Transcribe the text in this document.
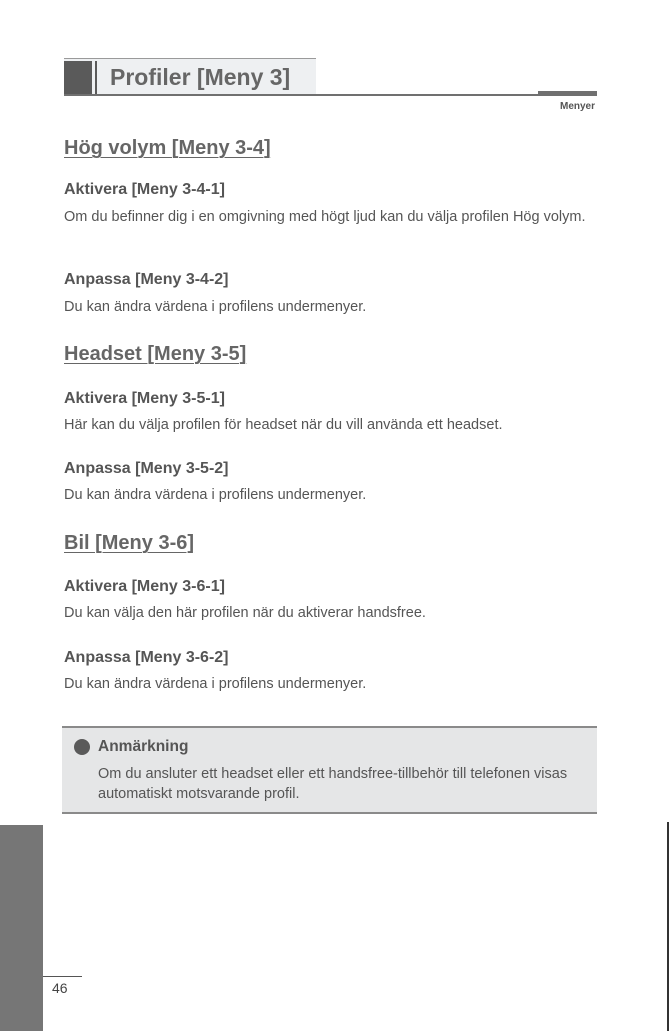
Profiler [Meny 3]
Menyer
Hög volym [Meny 3-4]
Aktivera [Meny 3-4-1]
Om du befinner dig i en omgivning med högt ljud kan du välja profilen Hög volym.
Anpassa [Meny 3-4-2]
Du kan ändra värdena i profilens undermenyer.
Headset [Meny 3-5]
Aktivera [Meny 3-5-1]
Här kan du välja profilen för headset när du vill använda ett headset.
Anpassa [Meny 3-5-2]
Du kan ändra värdena i profilens undermenyer.
Bil [Meny 3-6]
Aktivera [Meny 3-6-1]
Du kan välja den här profilen när du aktiverar handsfree.
Anpassa [Meny 3-6-2]
Du kan ändra värdena i profilens undermenyer.
Anmärkning
Om du ansluter ett headset eller ett handsfree-tillbehör till telefonen visas automatiskt motsvarande profil.
46
